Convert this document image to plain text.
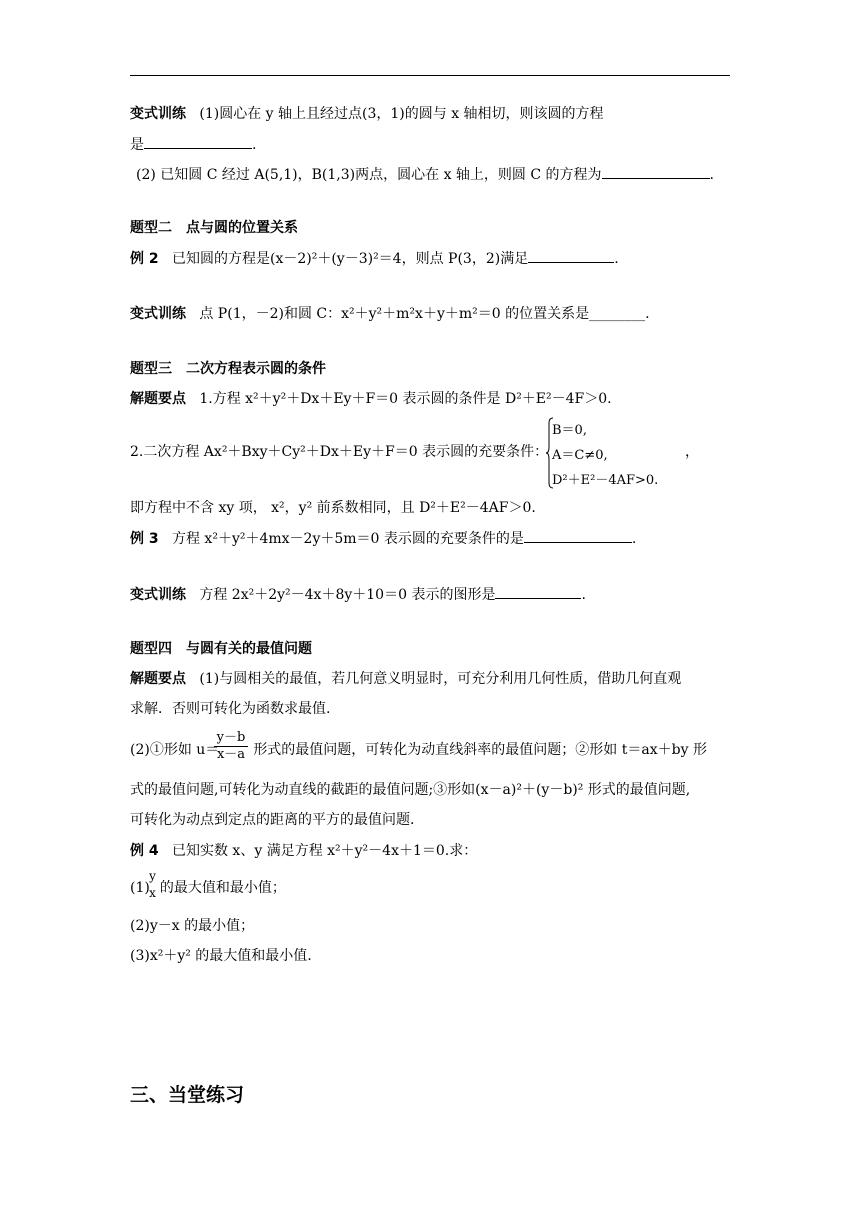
变式训练 (1)圆心在 y 轴上且经过点(3，1)的圆与 x 轴相切，则该圆的方程
是	.
(2) 已知圆 C 经过 A(5,1)，B(1,3)两点，圆心在 x 轴上，则圆 C 的方程为	.
题型二　点与圆的位置关系
例 2 已知圆的方程是(x－2)²＋(y－3)²＝4，则点 P(3，2)满足	.
变式训练 点 P(1，－2)和圆 C：x²＋y²＋m²x＋y＋m²＝0 的位置关系是________.
题型三　二次方程表示圆的条件
解题要点 1.方程 x²＋y²＋Dx＋Ey＋F＝0 表示圆的条件是 D²＋E²－4F＞0.
2.二次方程 Ax²＋Bxy＋Cy²＋Dx＋Ey＋F＝0 表示圆的充要条件：
B＝0,
A＝C≠0,
D²＋E²－4AF>0.
，
即方程中不含 xy 项， x²，y² 前系数相同，且 D²＋E²－4AF＞0.
例 3 方程 x²＋y²＋4mx－2y＋5m＝0 表示圆的充要条件的是	.
变式训练 方程 2x²＋2y²－4x＋8y＋10＝0 表示的图形是	.
题型四　与圆有关的最值问题
解题要点 (1)与圆相关的最值，若几何意义明显时，可充分利用几何性质，借助几何直观
求解．否则可转化为函数求最值.
(2)①形如 u＝ 形式的最值问题，可转化为动直线斜率的最值问题；②形如 t＝ax＋by 形
y－b
x－a
式的最值问题,可转化为动直线的截距的最值问题;③形如(x－a)²＋(y－b)² 形式的最值问题,
可转化为动点到定点的距离的平方的最值问题.
例 4 已知实数 x、y 满足方程 x²＋y²－4x＋1＝0.求：
(1) 的最大值和最小值；
y
x
(2)y－x 的最小值；
(3)x²＋y² 的最大值和最小值.
三、当堂练习
